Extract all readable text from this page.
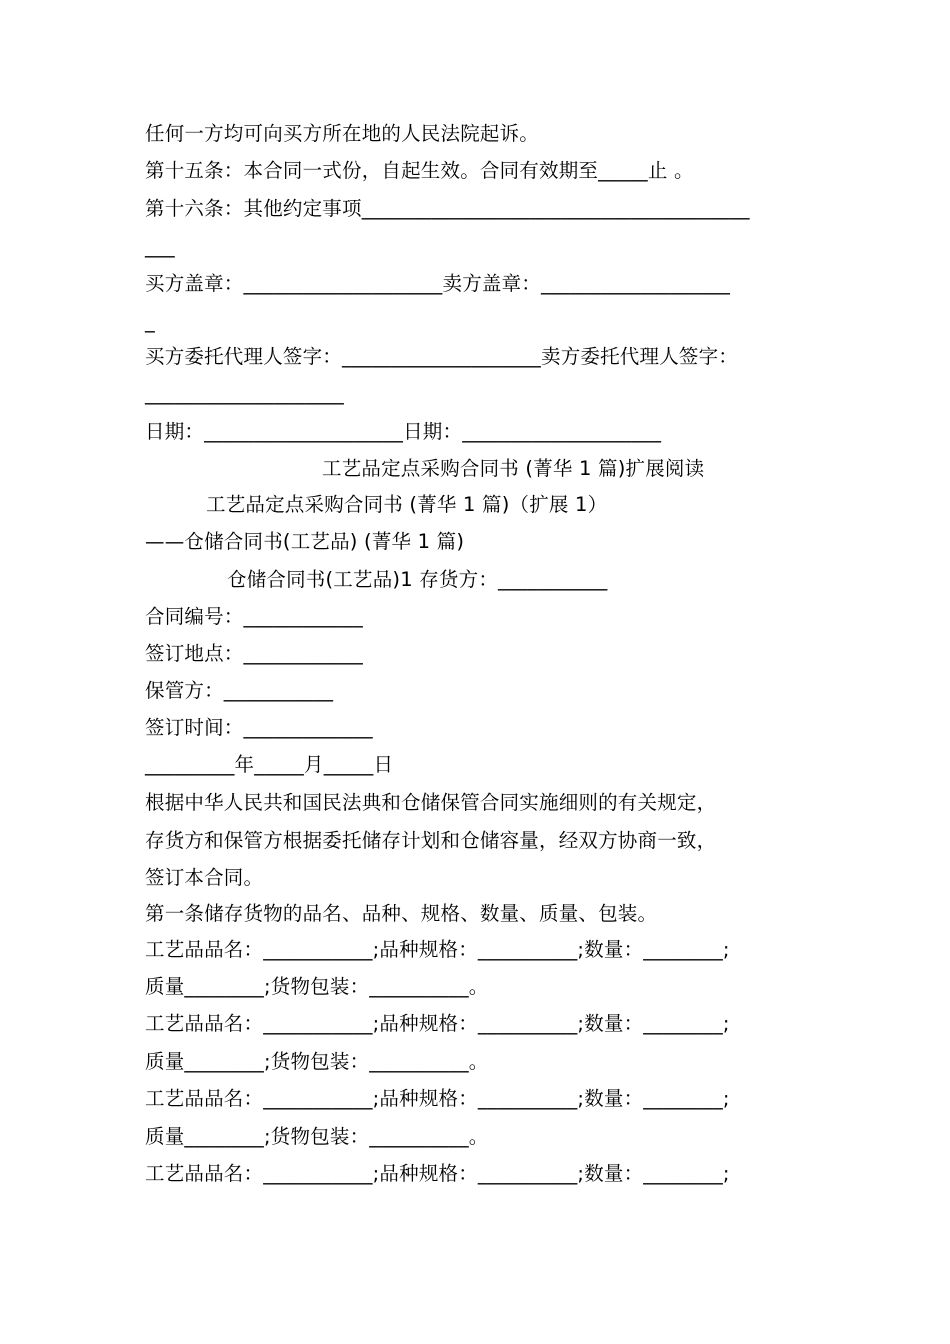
任何一方均可向买方所在地的人民法院起诉。
第十五条：本合同一式份，自起生效。合同有效期至_____止 。
第十六条：其他约定事项_______________________________________
___
买方盖章：____________________卖方盖章：___________________
_
买方委托代理人签字：____________________卖方委托代理人签字：
____________________
日期：____________________日期：____________________
工艺品定点采购合同书 (菁华 1 篇)扩展阅读
工艺品定点采购合同书 (菁华 1 篇)（扩展 1）
——仓储合同书(工艺品) (菁华 1 篇)
仓储合同书(工艺品)1 存货方：___________
合同编号：____________
签订地点：____________
保管方：___________
签订时间：_____________
_________年_____月_____日
根据中华人民共和国民法典和仓储保管合同实施细则的有关规定，
存货方和保管方根据委托储存计划和仓储容量，经双方协商一致，
签订本合同。
第一条储存货物的品名、品种、规格、数量、质量、包装。
工艺品品名：___________;品种规格：__________;数量：________;
质量________;货物包装：__________。
工艺品品名：___________;品种规格：__________;数量：________;
质量________;货物包装：__________。
工艺品品名：___________;品种规格：__________;数量：________;
质量________;货物包装：__________。
工艺品品名：___________;品种规格：__________;数量：________;
